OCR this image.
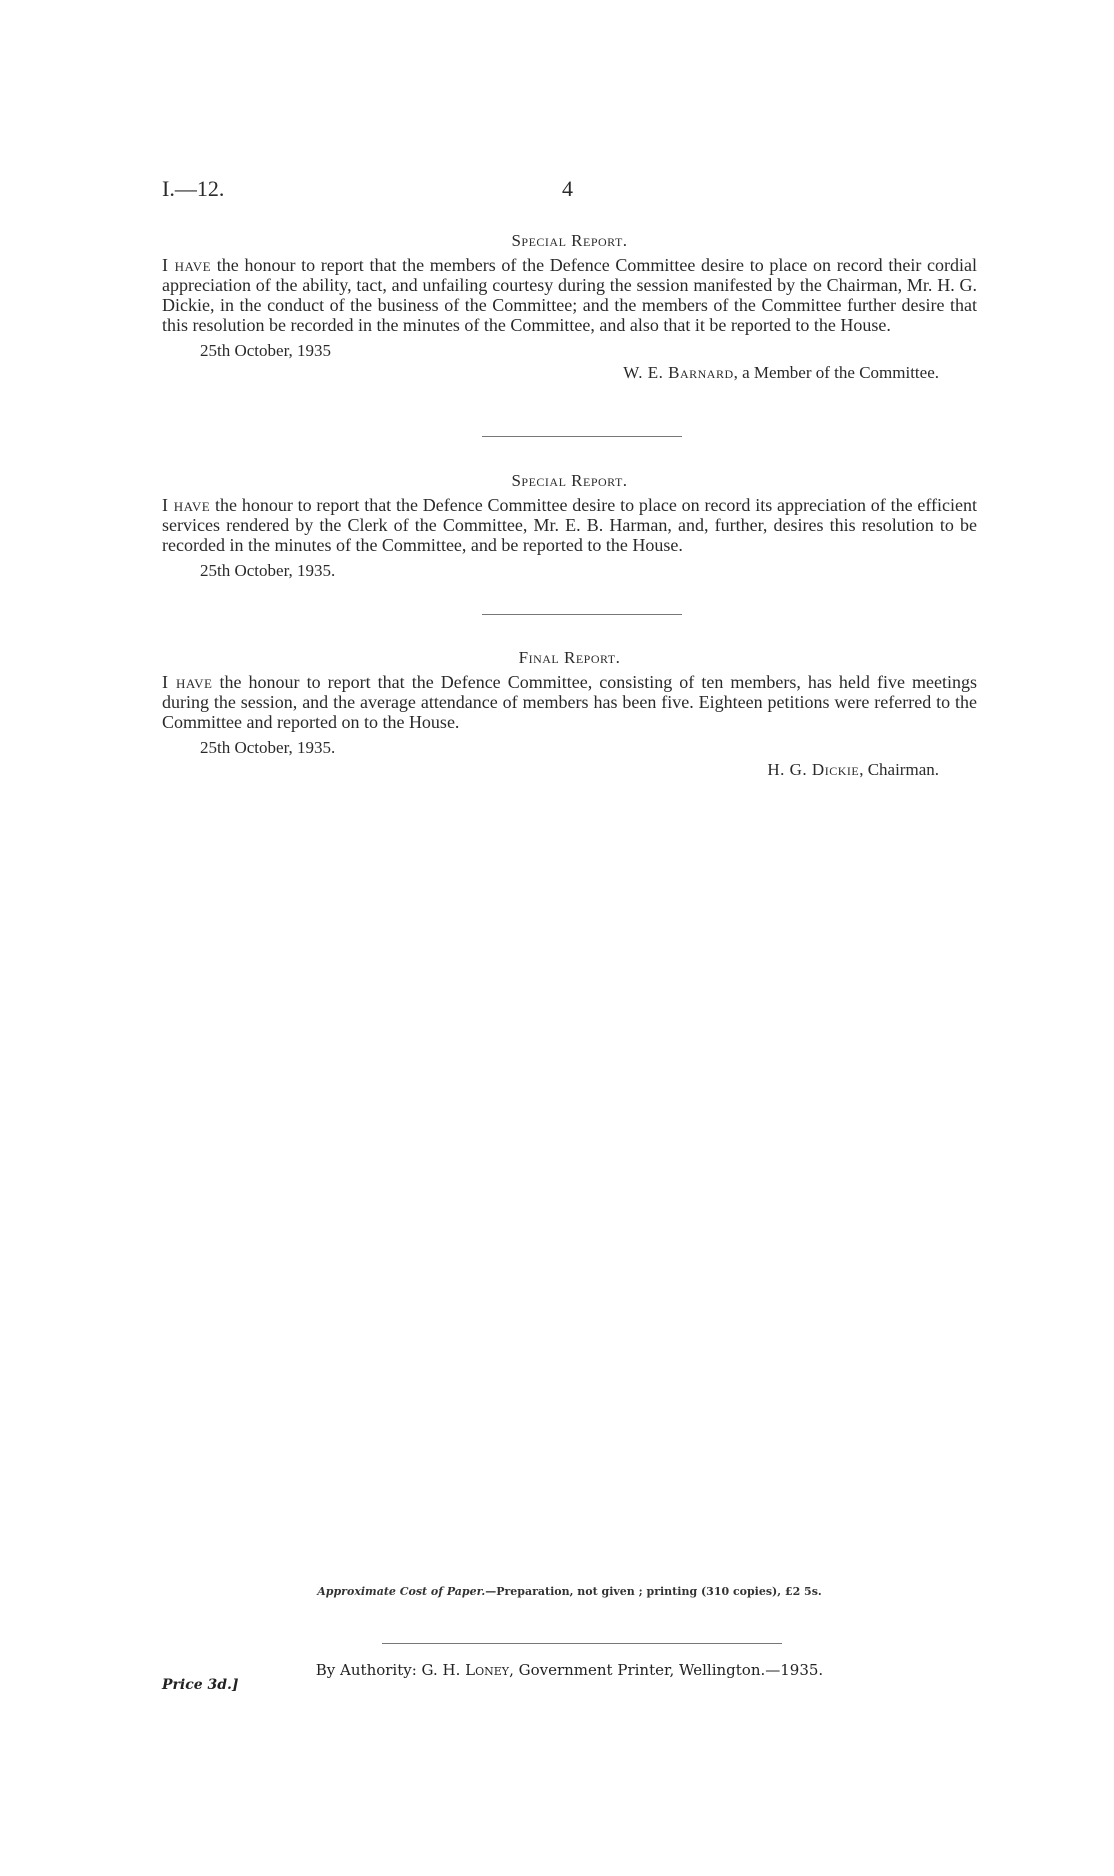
I.—12.	4
Special Report.

I have the honour to report that the members of the Defence Committee desire to place on record their cordial appreciation of the ability, tact, and unfailing courtesy during the session manifested by the Chairman, Mr. H. G. Dickie, in the conduct of the business of the Committee; and the members of the Committee further desire that this resolution be recorded in the minutes of the Committee, and also that it be reported to the House.

25th October, 1935
W. E. Barnard, a Member of the Committee.
Special Report.

I have the honour to report that the Defence Committee desire to place on record its appreciation of the efficient services rendered by the Clerk of the Committee, Mr. E. B. Harman, and, further, desires this resolution to be recorded in the minutes of the Committee, and be reported to the House.

25th October, 1935.
Final Report.

I have the honour to report that the Defence Committee, consisting of ten members, has held five meetings during the session, and the average attendance of members has been five. Eighteen petitions were referred to the Committee and reported on to the House.

25th October, 1935.
H. G. Dickie, Chairman.
Approximate Cost of Paper.—Preparation, not given ; printing (310 copies), £2 5s.
By Authority: G. H. Loney, Government Printer, Wellington.—1935.
Price 3d.]
